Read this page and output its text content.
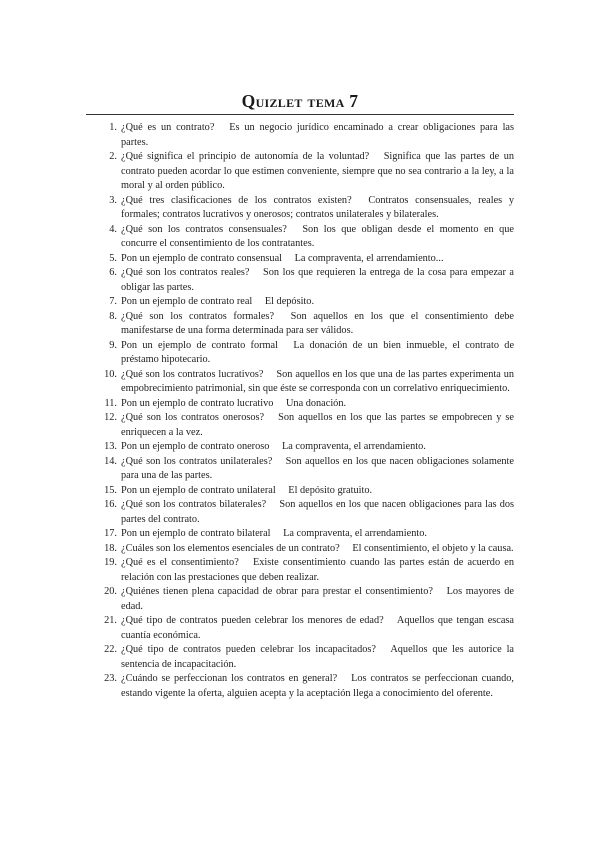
Quizlet tema 7
1. ¿Qué es un contrato? Es un negocio jurídico encaminado a crear obligaciones para las partes.
2. ¿Qué significa el principio de autonomía de la voluntad? Significa que las partes de un contrato pueden acordar lo que estimen conveniente, siempre que no sea contrario a la ley, a la moral y al orden público.
3. ¿Qué tres clasificaciones de los contratos existen? Contratos consensuales, reales y formales; contratos lucrativos y onerosos; contratos unilaterales y bilaterales.
4. ¿Qué son los contratos consensuales? Son los que obligan desde el momento en que concurre el consentimiento de los contratantes.
5. Pon un ejemplo de contrato consensual La compraventa, el arrendamiento...
6. ¿Qué son los contratos reales? Son los que requieren la entrega de la cosa para empezar a obligar las partes.
7. Pon un ejemplo de contrato real El depósito.
8. ¿Qué son los contratos formales? Son aquellos en los que el consentimiento debe manifestarse de una forma determinada para ser válidos.
9. Pon un ejemplo de contrato formal La donación de un bien inmueble, el contrato de préstamo hipotecario.
10. ¿Qué son los contratos lucrativos? Son aquellos en los que una de las partes experimenta un empobrecimiento patrimonial, sin que éste se corresponda con un correlativo enriquecimiento.
11. Pon un ejemplo de contrato lucrativo Una donación.
12. ¿Qué son los contratos onerosos? Son aquellos en los que las partes se empobrecen y se enriquecen a la vez.
13. Pon un ejemplo de contrato oneroso La compraventa, el arrendamiento.
14. ¿Qué son los contratos unilaterales? Son aquellos en los que nacen obligaciones solamente para una de las partes.
15. Pon un ejemplo de contrato unilateral El depósito gratuito.
16. ¿Qué son los contratos bilaterales? Son aquellos en los que nacen obligaciones para las dos partes del contrato.
17. Pon un ejemplo de contrato bilateral La compraventa, el arrendamiento.
18. ¿Cuáles son los elementos esenciales de un contrato? El consentimiento, el objeto y la causa.
19. ¿Qué es el consentimiento? Existe consentimiento cuando las partes están de acuerdo en relación con las prestaciones que deben realizar.
20. ¿Quiénes tienen plena capacidad de obrar para prestar el consentimiento? Los mayores de edad.
21. ¿Qué tipo de contratos pueden celebrar los menores de edad? Aquellos que tengan escasa cuantía económica.
22. ¿Qué tipo de contratos pueden celebrar los incapacitados? Aquellos que les autorice la sentencia de incapacitación.
23. ¿Cuándo se perfeccionan los contratos en general? Los contratos se perfeccionan cuando, estando vigente la oferta, alguien acepta y la aceptación llega a conocimiento del oferente.
